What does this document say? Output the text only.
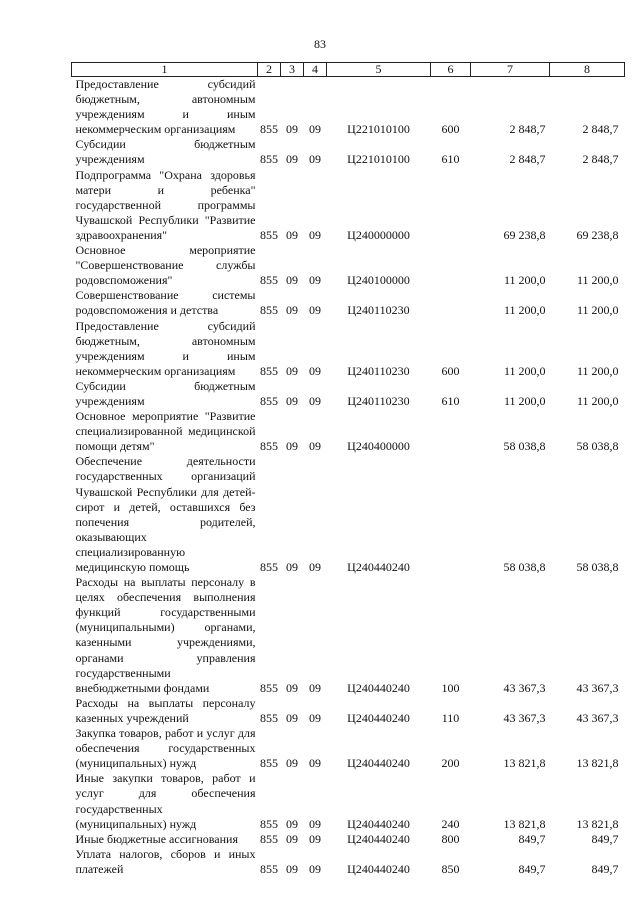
83
1	2	3	4	5	6	7	8
Предоставление субсидий бюджетным, автономным учреждениям и иным некоммерческим организациям	855	09	09	Ц221010100	600	2 848,7	2 848,7
Субсидии бюджетным учреждениям	855	09	09	Ц221010100	610	2 848,7	2 848,7
Подпрограмма "Охрана здоровья матери и ребенка" государственной программы Чувашской Республики "Развитие здравоохранения"	855	09	09	Ц240000000		69 238,8	69 238,8
Основное мероприятие "Совершенствование службы родовспоможения"	855	09	09	Ц240100000		11 200,0	11 200,0
Совершенствование системы родовспоможения и детства	855	09	09	Ц240110230		11 200,0	11 200,0
Предоставление субсидий бюджетным, автономным учреждениям и иным некоммерческим организациям	855	09	09	Ц240110230	600	11 200,0	11 200,0
Субсидии бюджетным учреждениям	855	09	09	Ц240110230	610	11 200,0	11 200,0
Основное мероприятие "Развитие специализированной медицинской помощи детям"	855	09	09	Ц240400000		58 038,8	58 038,8
Обеспечение деятельности государственных организаций Чувашской Республики для детей-сирот и детей, оставшихся без попечения родителей, оказывающих специализированную медицинскую помощь	855	09	09	Ц240440240		58 038,8	58 038,8
Расходы на выплаты персоналу в целях обеспечения выполнения функций государственными (муниципальными) органами, казенными учреждениями, органами управления государственными внебюджетными фондами	855	09	09	Ц240440240	100	43 367,3	43 367,3
Расходы на выплаты персоналу казенных учреждений	855	09	09	Ц240440240	110	43 367,3	43 367,3
Закупка товаров, работ и услуг для обеспечения государственных (муниципальных) нужд	855	09	09	Ц240440240	200	13 821,8	13 821,8
Иные закупки товаров, работ и услуг для обеспечения государственных (муниципальных) нужд	855	09	09	Ц240440240	240	13 821,8	13 821,8
Иные бюджетные ассигнования	855	09	09	Ц240440240	800	849,7	849,7
Уплата налогов, сборов и иных платежей	855	09	09	Ц240440240	850	849,7	849,7
